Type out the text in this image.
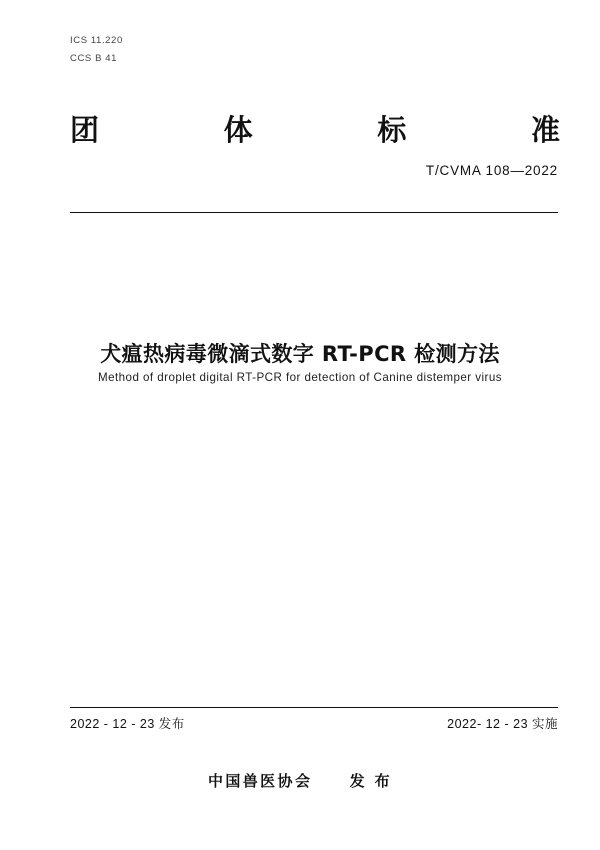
ICS 11.220
CCS B 41
团	体	标	准
T/CVMA 108—2022
犬瘟热病毒微滴式数字 RT-PCR 检测方法
Method of droplet digital RT-PCR for detection of Canine distemper virus
2022 - 12 - 23 发布	2022- 12 - 23 实施
中国兽医协会 发 布
